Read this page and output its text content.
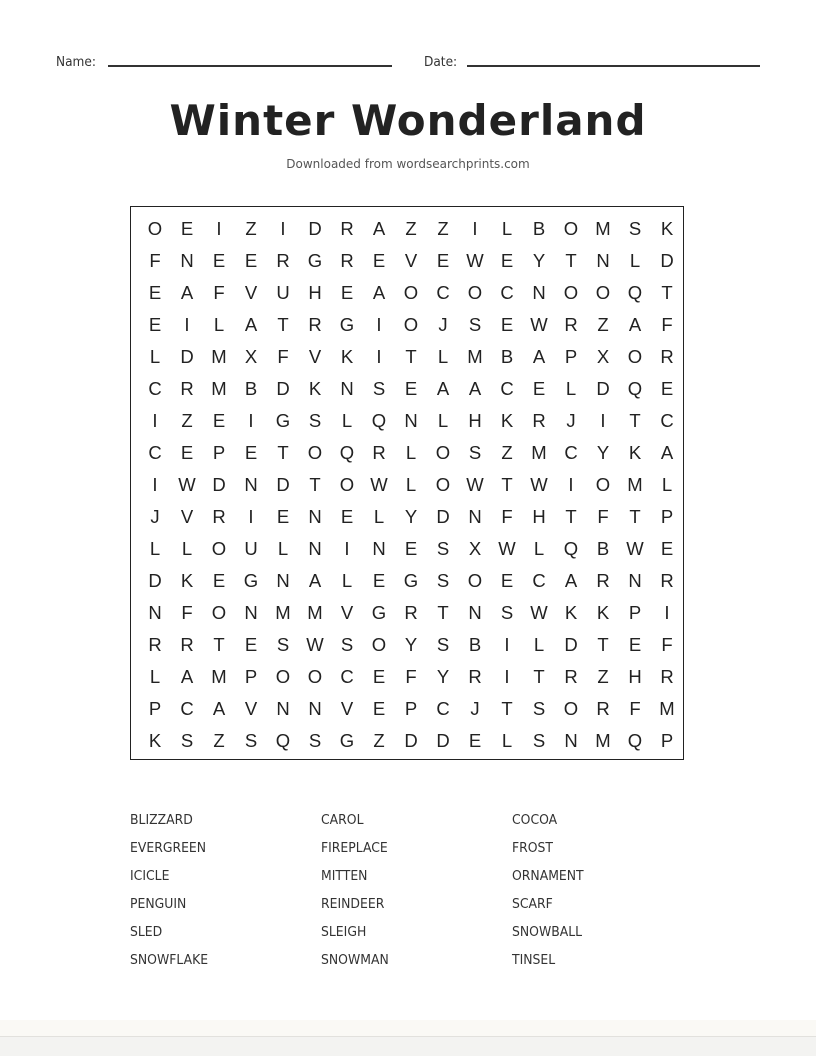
Name:	Date:
Winter Wonderland
Downloaded from wordsearchprints.com
O	E	I	Z	I	D	R	A	Z	Z	I	L	B	O M S	K
F	N	E	E	R G R	E	V	E W E	Y	T	N	L	D
E	A	F	V	U	H	E	A	O C O C	N O O Q	T
E	I	L	A	T	R G	I	O	J	S	E W R	Z	A	F
L	D M X	F	V	K	I	T	L	M B	A	P	X	O R
C	R M B	D	K	N	S	E	A	A	C	E	L	D Q	E
I	Z	E	I	G	S	L	Q N	L	H	K	R	J	I	T	C
C	E	P	E	T	O Q R	L	O	S	Z	M C	Y	K	A
I	W D	N	D	T	O W L	O W T W	I	O M	L
J	V	R	I	E	N	E	L	Y	D	N	F	H	T	F	T	P
L	L	O U	L	N	I	N	E	S	X W L	Q	B W E
D	K	E	G N	A	L	E	G	S	O	E	C	A	R	N	R
N	F	O N M M V	G R	T	N	S W K	K	P	I
R	R	T	E	S W S	O	Y	S	B	I	L	D	T	E	F
L	A M P	O O C	E	F	Y	R	I	T	R	Z	H	R
P	C	A	V	N	N	V	E	P	C	J	T	S	O R	F	M
K	S	Z	S	Q	S	G	Z	D	D	E	L	S	N M Q	P
BLIZZARD	CAROL	COCOA
EVERGREEN	FIREPLACE	FROST
ICICLE	MITTEN	ORNAMENT
PENGUIN	REINDEER	SCARF
SLED	SLEIGH	SNOWBALL
SNOWFLAKE	SNOWMAN	TINSEL
